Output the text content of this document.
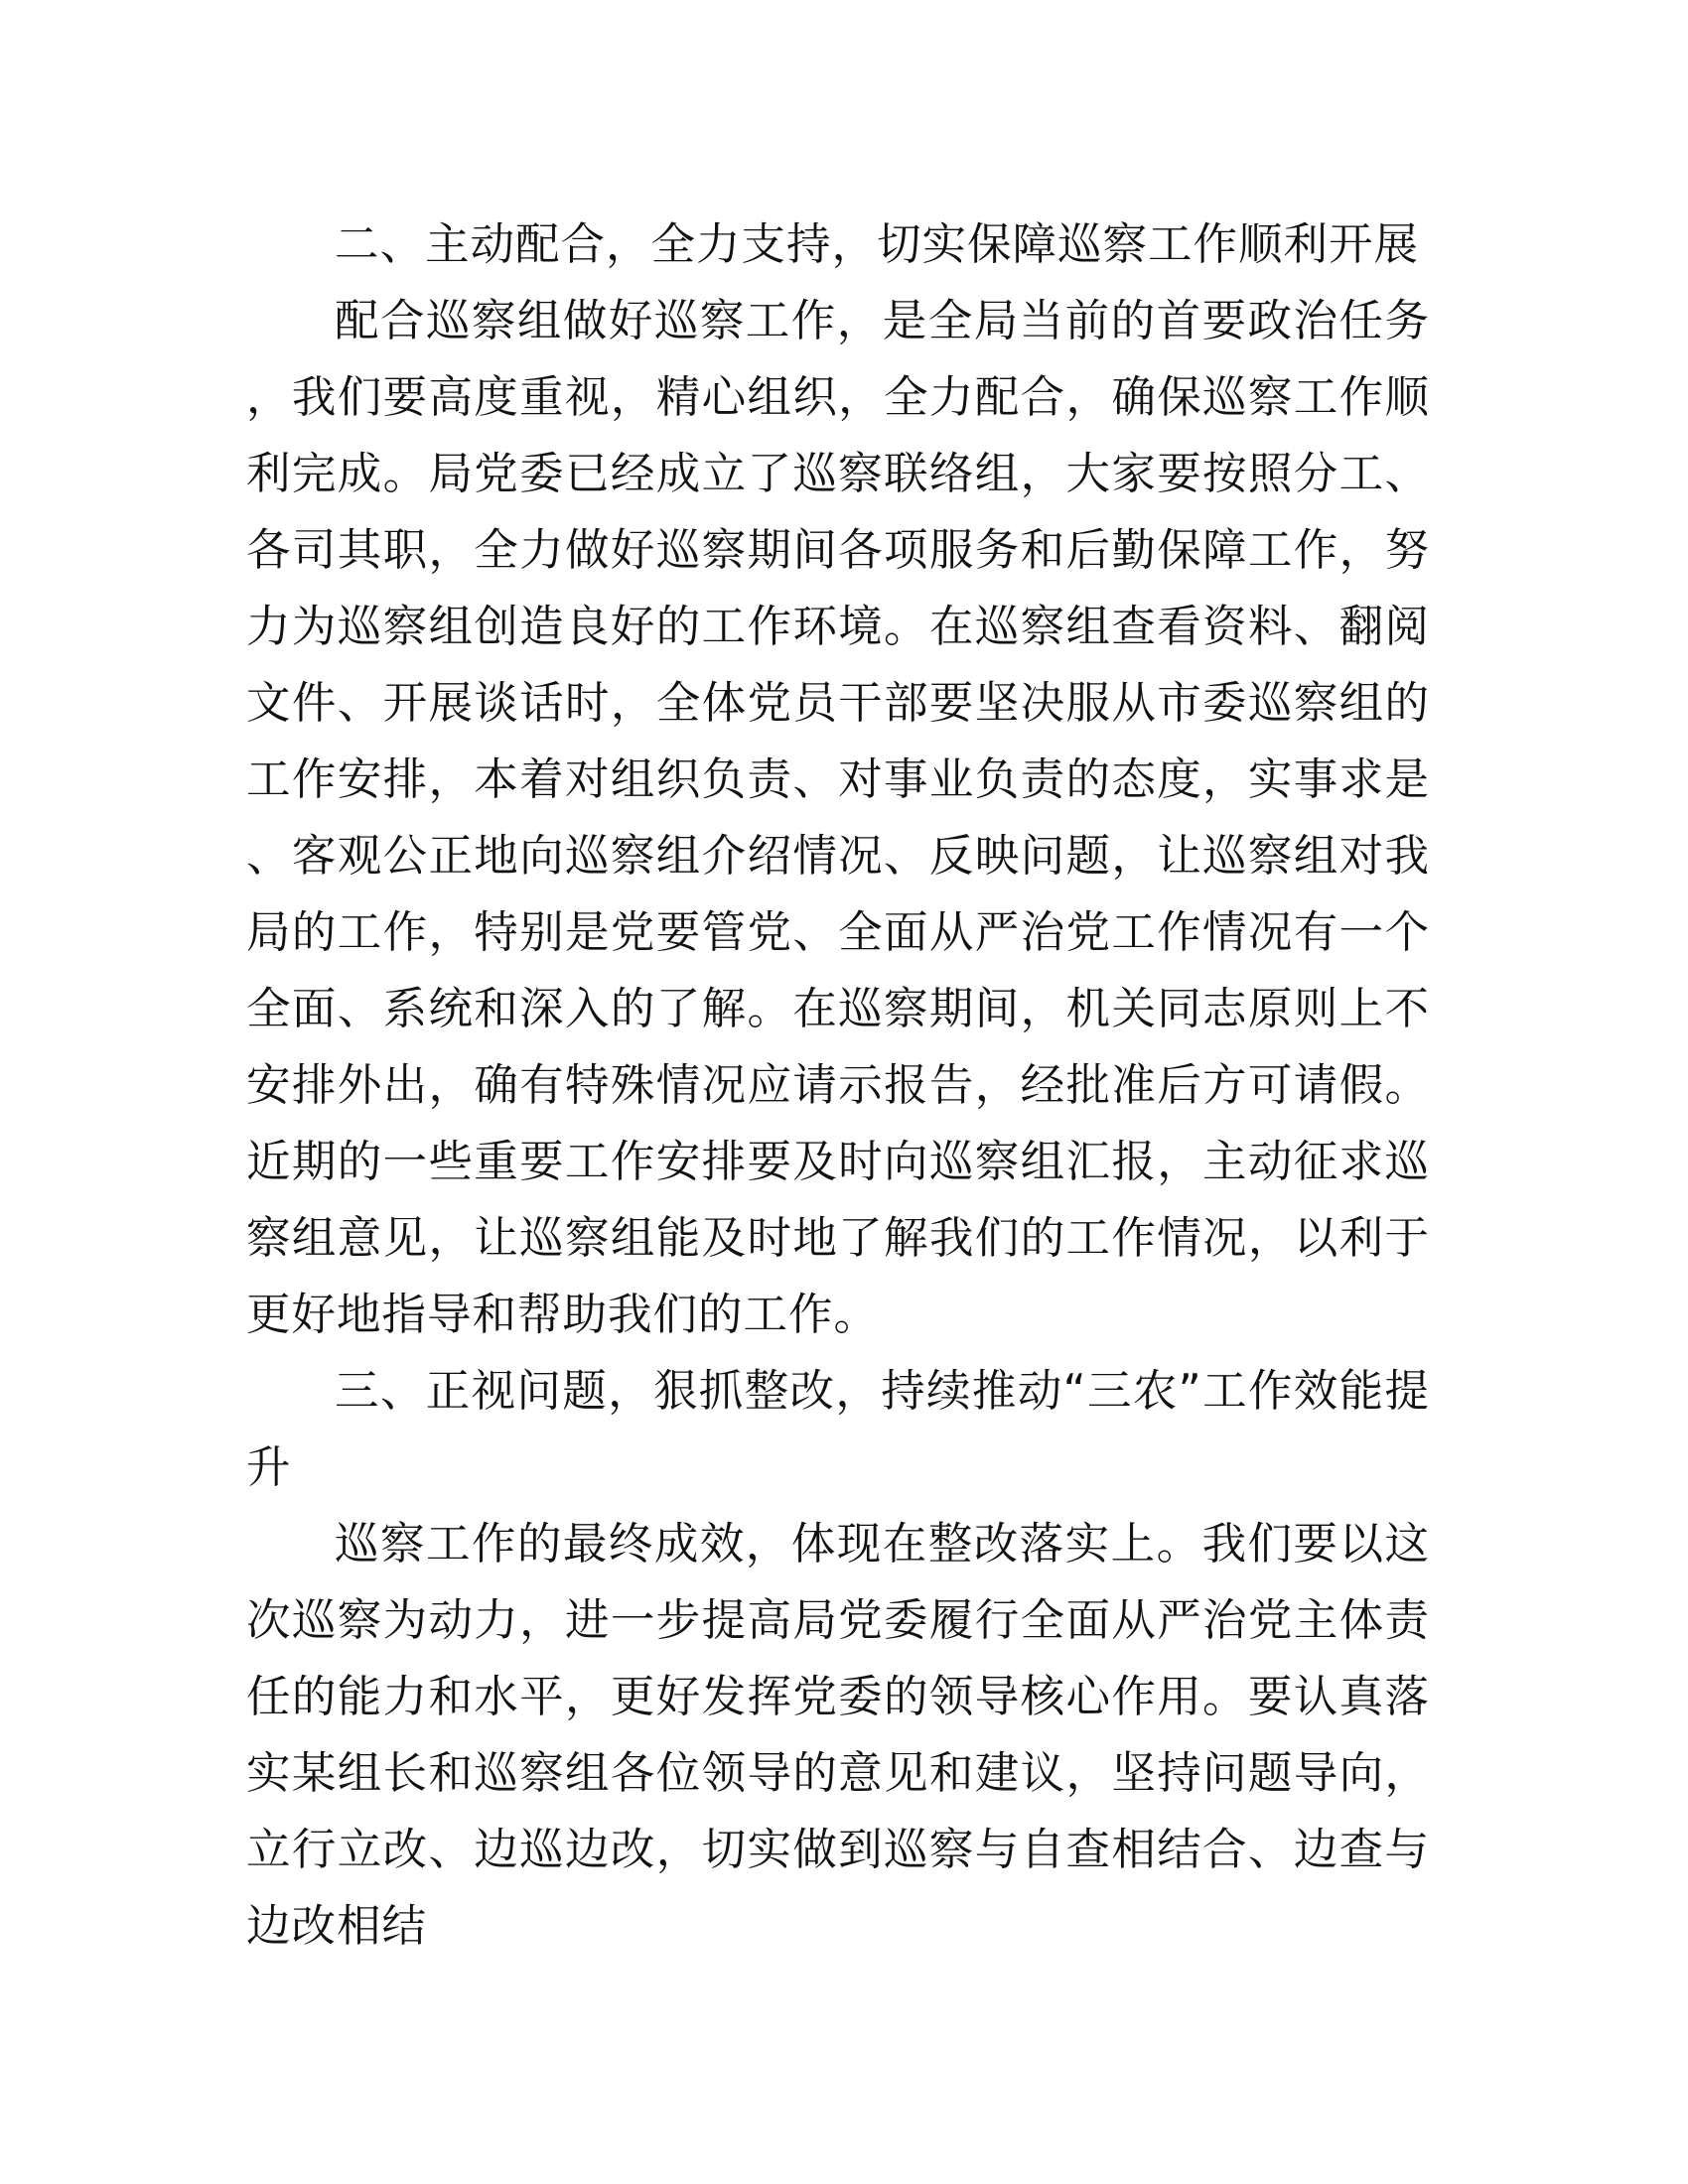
二、主动配合，全力支持，切实保障巡察工作顺利开展

配合巡察组做好巡察工作，是全局当前的首要政治任务，我们要高度重视，精心组织，全力配合，确保巡察工作顺利完成。局党委已经成立了巡察联络组，大家要按照分工、各司其职，全力做好巡察期间各项服务和后勤保障工作，努力为巡察组创造良好的工作环境。在巡察组查看资料、翻阅文件、开展谈话时，全体党员干部要坚决服从市委巡察组的工作安排，本着对组织负责、对事业负责的态度，实事求是、客观公正地向巡察组介绍情况、反映问题，让巡察组对我局的工作，特别是党要管党、全面从严治党工作情况有一个全面、系统和深入的了解。在巡察期间，机关同志原则上不安排外出，确有特殊情况应请示报告，经批准后方可请假。近期的一些重要工作安排要及时向巡察组汇报，主动征求巡察组意见，让巡察组能及时地了解我们的工作情况，以利于更好地指导和帮助我们的工作。

三、正视问题，狠抓整改，持续推动“三农”工作效能提升

巡察工作的最终成效，体现在整改落实上。我们要以这次巡察为动力，进一步提高局党委履行全面从严治党主体责任的能力和水平，更好发挥党委的领导核心作用。要认真落实某组长和巡察组各位领导的意见和建议，坚持问题导向，立行立改、边巡边改，切实做到巡察与自查相结合、边查与边改相结
